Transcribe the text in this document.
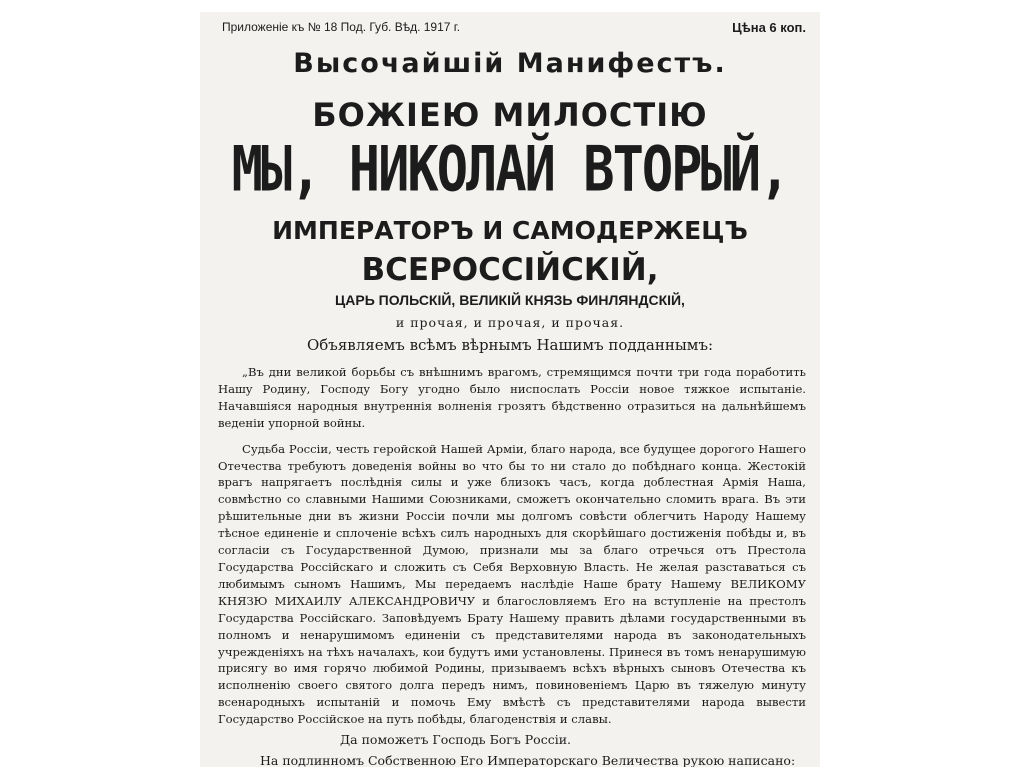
Приложеніе къ № 18 Под. Губ. Вѣд. 1917 г.	Цѣна 6 коп.
Высочайшій Манифестъ.
БОЖІЕЮ МИЛОСТІЮ
МЫ, НИКОЛАЙ ВТОРЫЙ,
ИМПЕРАТОРЪ И САМОДЕРЖЕЦЪ
ВСЕРОССІЙСКІЙ,
ЦАРЬ ПОЛЬСКІЙ, ВЕЛИКІЙ КНЯЗЬ ФИНЛЯНДСКІЙ,
и прочая, и прочая, и прочая.
Объявляемъ всѣмъ вѣрнымъ Нашимъ подданнымъ:

„Въ дни великой борьбы съ внѣшнимъ врагомъ, стремящимся почти три года поработить Нашу Родину, Господу Богу угодно было ниспослать Россіи новое тяжкое испытаніе. Начавшіяся народныя внутреннія волненія грозятъ бѣдственно отразиться на дальнѣйшемъ веденіи упорной войны.

Судьба Россіи, честь геройской Нашей Арміи, благо народа, все будущее дорогого Нашего Отечества требуютъ доведенія войны во что бы то ни стало до побѣднаго конца. Жестокій врагъ напрягаетъ послѣднія силы и уже близокъ часъ, когда доблестная Армія Наша, совмѣстно со славными Нашими Союзниками, сможетъ окончательно сломить врага. Въ эти рѣшительные дни въ жизни Россіи почли мы долгомъ совѣсти облегчить Народу Нашему тѣсное единеніе и сплоченіе всѣхъ силъ народныхъ для скорѣйшаго достиженія побѣды и, въ согласіи съ Государственной Думою, признали мы за благо отречься отъ Престола Государства Россійскаго и сложить съ Себя Верховную Власть. Не желая разставаться съ любимымъ сыномъ Нашимъ, Мы передаемъ наслѣдіе Наше брату Нашему ВЕЛИКОМУ КНЯЗЮ МИХАИЛУ АЛЕКСАНДРОВИЧУ и благословляемъ Его на вступленіе на престолъ Государства Россійскаго. Заповѣдуемъ Брату Нашему править дѣлами государственными въ полномъ и ненарушимомъ единеніи съ представителями народа въ законодательныхъ учрежденіяхъ на тѣхъ началахъ, кои будутъ ими установлены. Принеся въ томъ ненарушимую присягу во имя горячо любимой Родины, призываемъ всѣхъ вѣрныхъ сыновъ Отечества къ исполненію своего святого долга передъ нимъ, повиновеніемъ Царю въ тяжелую минуту всенародныхъ испытаній и помочь Ему вмѣстѣ съ представителями народа вывести Государство Россійское на путь побѣды, благоденствія и славы.

Да поможетъ Господь Богъ Россіи.
На подлинномъ Собственною Его Императорскаго Величества рукою написано:
